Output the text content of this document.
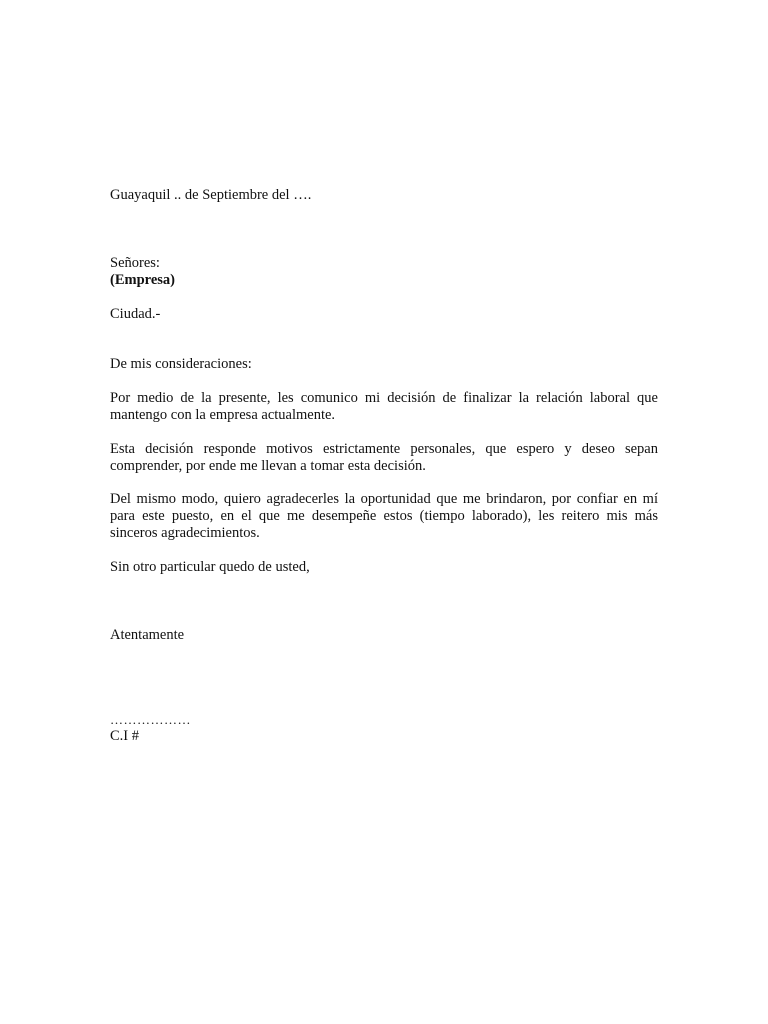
Guayaquil .. de Septiembre del ….

Señores:

(Empresa)

Ciudad.-

De mis consideraciones:

Por medio de la presente, les comunico mi decisión de finalizar la relación laboral que mantengo con la empresa actualmente.

Esta decisión responde motivos estrictamente personales, que espero y deseo sepan comprender, por ende me llevan a tomar esta decisión.

Del mismo modo, quiero agradecerles la oportunidad que me brindaron, por confiar en mí para este puesto, en el que me desempeñe estos (tiempo laborado), les reitero mis más sinceros agradecimientos.

Sin otro particular quedo de usted,

Atentamente

………………

C.I #
